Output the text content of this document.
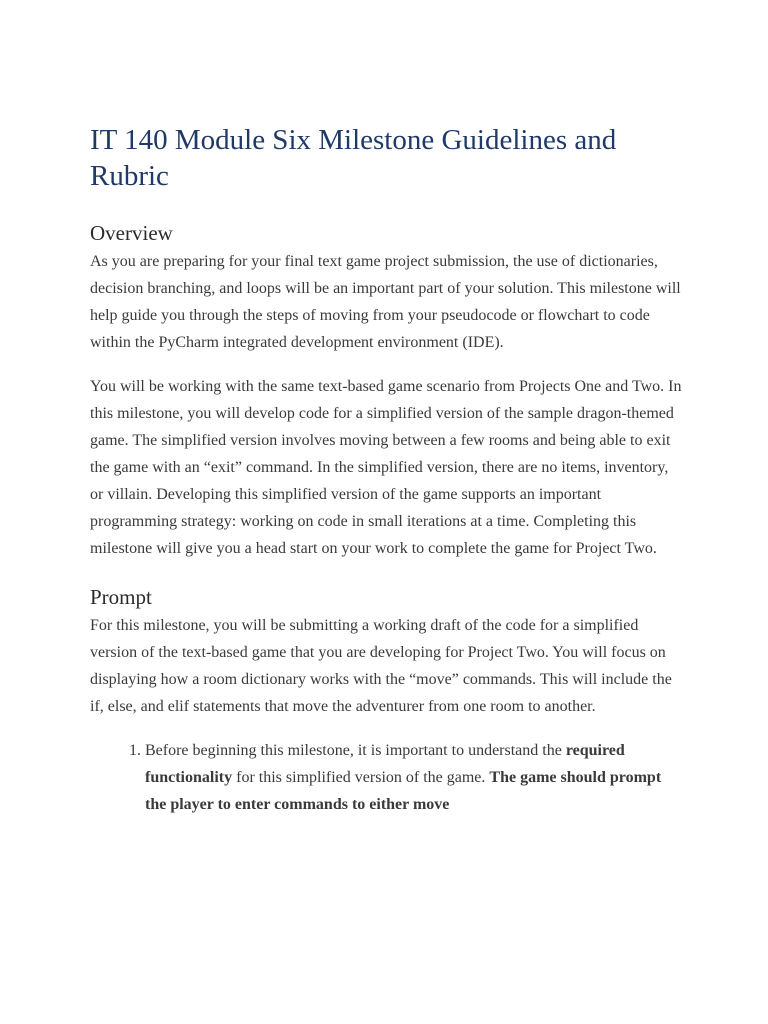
IT 140 Module Six Milestone Guidelines and Rubric
Overview

As you are preparing for your final text game project submission, the use of dictionaries, decision branching, and loops will be an important part of your solution. This milestone will help guide you through the steps of moving from your pseudocode or flowchart to code within the PyCharm integrated development environment (IDE).

You will be working with the same text-based game scenario from Projects One and Two. In this milestone, you will develop code for a simplified version of the sample dragon-themed game. The simplified version involves moving between a few rooms and being able to exit the game with an “exit” command. In the simplified version, there are no items, inventory, or villain. Developing this simplified version of the game supports an important programming strategy: working on code in small iterations at a time. Completing this milestone will give you a head start on your work to complete the game for Project Two.

Prompt

For this milestone, you will be submitting a working draft of the code for a simplified version of the text-based game that you are developing for Project Two. You will focus on displaying how a room dictionary works with the “move” commands. This will include the if, else, and elif statements that move the adventurer from one room to another.

1. Before beginning this milestone, it is important to understand the required functionality for this simplified version of the game. The game should prompt the player to enter commands to either move
